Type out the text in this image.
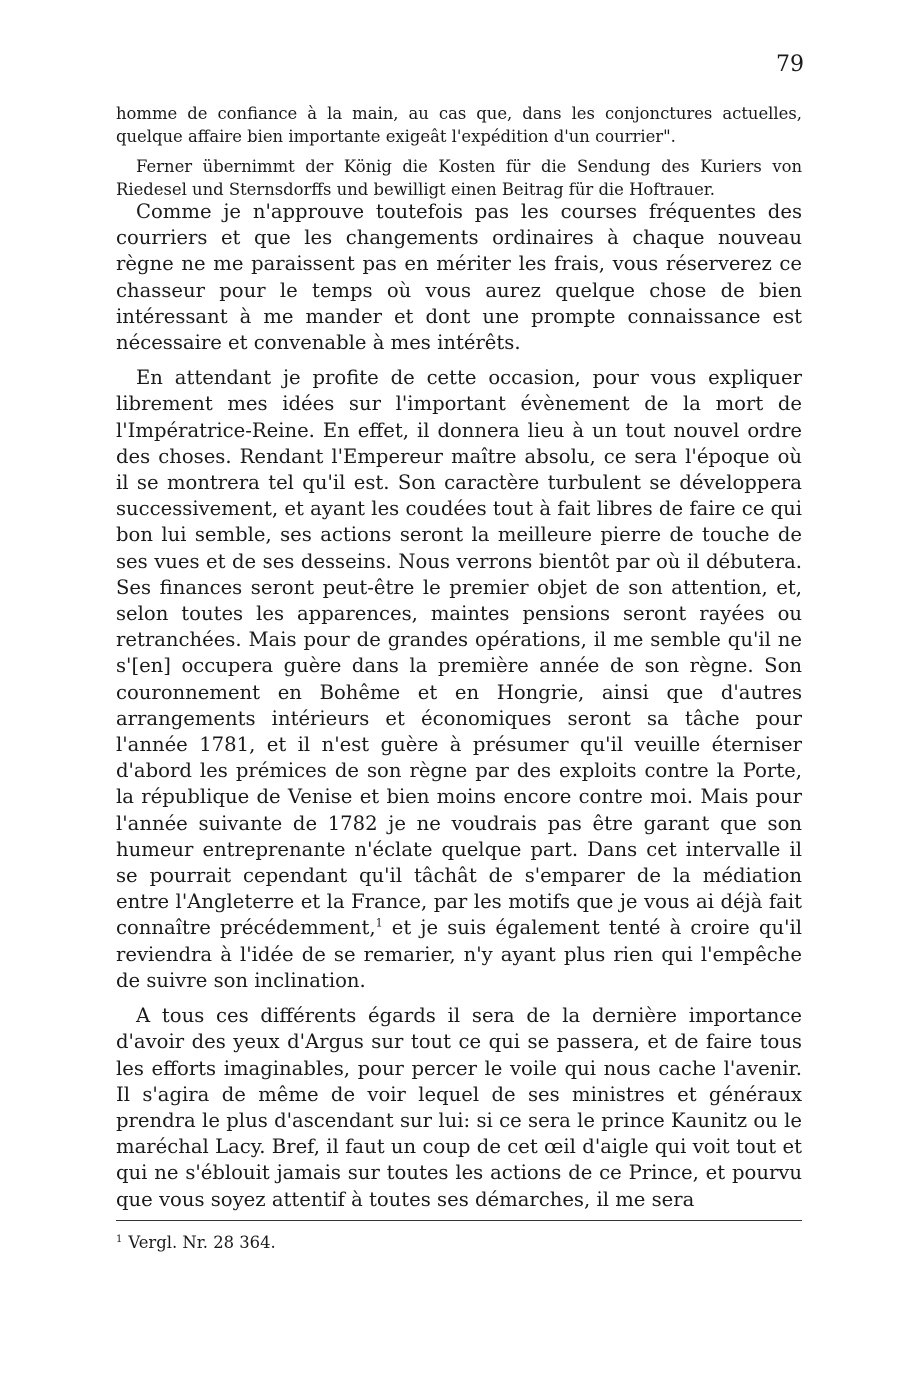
79

homme de confiance à la main, au cas que, dans les conjonctures actuelles, quelque affaire bien importante exigeât l'expédition d'un courrier".

Ferner übernimmt der König die Kosten für die Sendung des Kuriers von Riedesel und Sternsdorffs und bewilligt einen Beitrag für die Hoftrauer.

Comme je n'approuve toutefois pas les courses fréquentes des courriers et que les changements ordinaires à chaque nouveau règne ne me paraissent pas en mériter les frais, vous réserverez ce chasseur pour le temps où vous aurez quelque chose de bien intéressant à me mander et dont une prompte connaissance est nécessaire et convenable à mes intérêts.

En attendant je profite de cette occasion, pour vous expliquer librement mes idées sur l'important évènement de la mort de l'Impératrice-Reine. En effet, il donnera lieu à un tout nouvel ordre des choses. Rendant l'Empereur maître absolu, ce sera l'époque où il se montrera tel qu'il est. Son caractère turbulent se développera successivement, et ayant les coudées tout à fait libres de faire ce qui bon lui semble, ses actions seront la meilleure pierre de touche de ses vues et de ses desseins. Nous verrons bientôt par où il débutera. Ses finances seront peut-être le premier objet de son attention, et, selon toutes les apparences, maintes pensions seront rayées ou retranchées. Mais pour de grandes opérations, il me semble qu'il ne s'[en] occupera guère dans la première année de son règne. Son couronnement en Bohême et en Hongrie, ainsi que d'autres arrangements intérieurs et économiques seront sa tâche pour l'année 1781, et il n'est guère à présumer qu'il veuille éterniser d'abord les prémices de son règne par des exploits contre la Porte, la république de Venise et bien moins encore contre moi. Mais pour l'année suivante de 1782 je ne voudrais pas être garant que son humeur entreprenante n'éclate quelque part. Dans cet intervalle il se pourrait cependant qu'il tâchât de s'emparer de la médiation entre l'Angleterre et la France, par les motifs que je vous ai déjà fait connaître précédemment,$^1$ et je suis également tenté à croire qu'il reviendra à l'idée de se remarier, n'y ayant plus rien qui l'empêche de suivre son inclination.

A tous ces différents égards il sera de la dernière importance d'avoir des yeux d'Argus sur tout ce qui se passera, et de faire tous les efforts imaginables, pour percer le voile qui nous cache l'avenir. Il s'agira de même de voir lequel de ses ministres et généraux prendra le plus d'ascendant sur lui: si ce sera le prince Kaunitz ou le maréchal Lacy. Bref, il faut un coup de cet œil d'aigle qui voit tout et qui ne s'éblouit jamais sur toutes les actions de ce Prince, et pourvu que vous soyez attentif à toutes ses démarches, il me sera

$^1$ Vergl. Nr. 28 364.
